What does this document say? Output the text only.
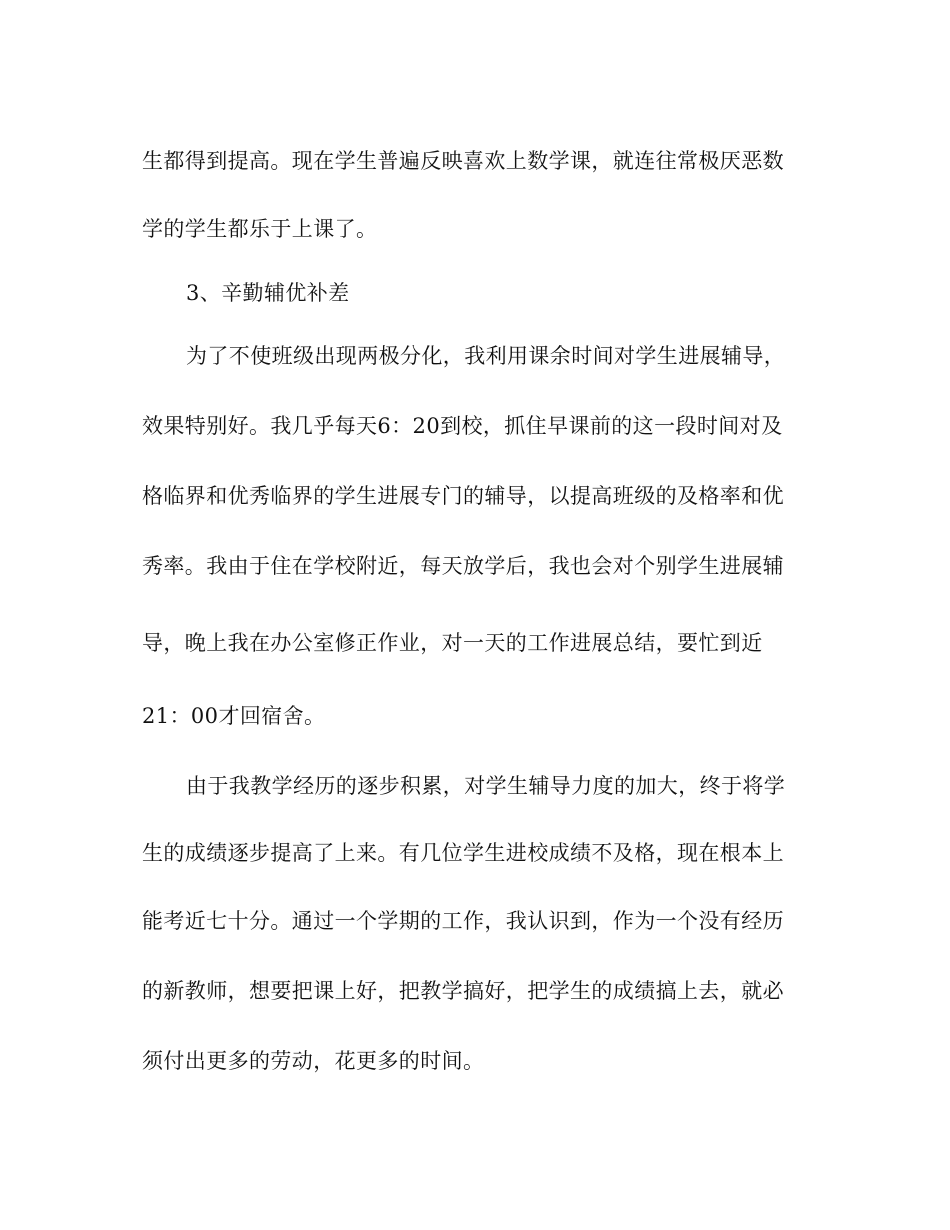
生都得到提高。现在学生普遍反映喜欢上数学课，就连往常极厌恶数
学的学生都乐于上课了。
3、辛勤辅优补差
为了不使班级出现两极分化，我利用课余时间对学生进展辅导，
效果特别好。我几乎每天6：20到校，抓住早课前的这一段时间对及
格临界和优秀临界的学生进展专门的辅导，以提高班级的及格率和优
秀率。我由于住在学校附近，每天放学后，我也会对个别学生进展辅
导，晚上我在办公室修正作业，对一天的工作进展总结，要忙到近
21：00才回宿舍。
由于我教学经历的逐步积累，对学生辅导力度的加大，终于将学
生的成绩逐步提高了上来。有几位学生进校成绩不及格，现在根本上
能考近七十分。通过一个学期的工作，我认识到，作为一个没有经历
的新教师，想要把课上好，把教学搞好，把学生的成绩搞上去，就必
须付出更多的劳动，花更多的时间。
